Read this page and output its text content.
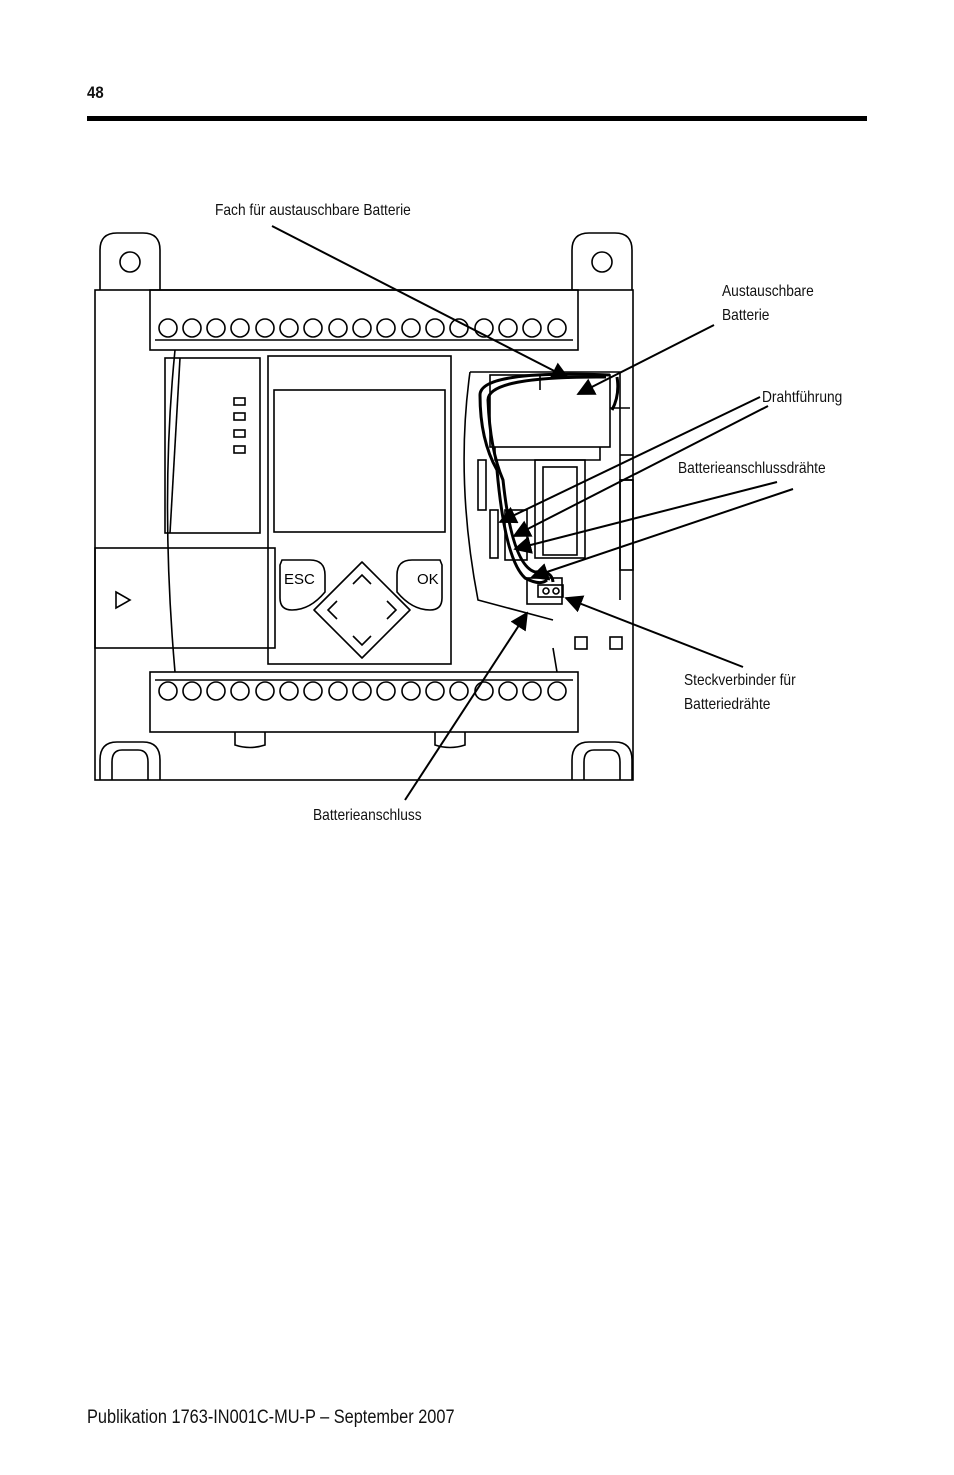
48
ESC	OK
Fach für austauschbare Batterie
Austauschbare
Batterie
Drahtführung
Batterieanschlussdrähte
Steckverbinder für
Batteriedrähte
Batterieanschluss
Publikation 1763-IN001C-MU-P – September 2007
